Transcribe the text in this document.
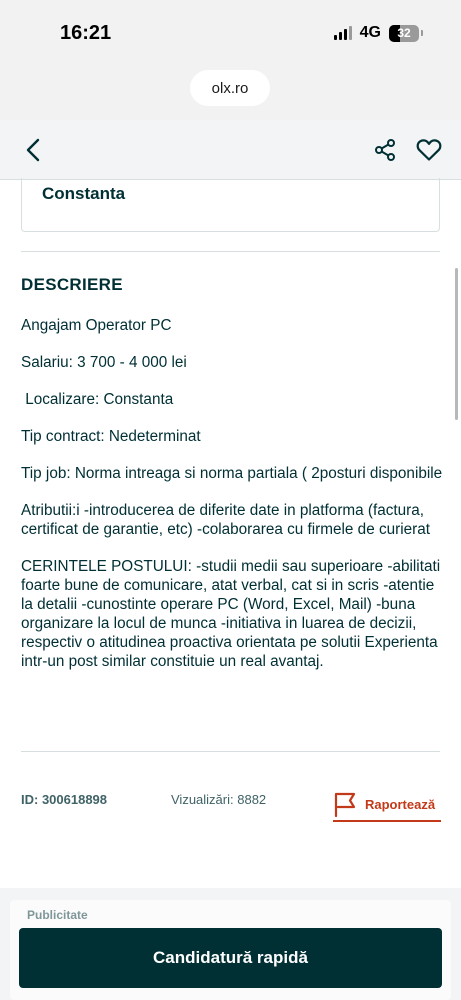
16:21	4G 32
olx.ro
Constanta
DESCRIERE

Angajam Operator PC

Salariu: 3 700 - 4 000 lei

Localizare: Constanta

Tip contract: Nedeterminat

Tip job: Norma intreaga si norma partiala ( 2posturi disponibile

Atributii:i -introducerea de diferite date in platforma (factura, certificat de garantie, etc) -colaborarea cu firmele de curierat

CERINTELE POSTULUI: -studii medii sau superioare -abilitati foarte bune de comunicare, atat verbal, cat si in scris -atentie la detalii -cunostinte operare PC (Word, Excel, Mail) -buna organizare la locul de munca -initiativa in luarea de decizii, respectiv o atitudinea proactiva orientata pe solutii Experienta intr-un post similar constituie un real avantaj.

ID: 300618898	Vizualizări: 8882	Raportează
Publicitate
Candidatură rapidă
